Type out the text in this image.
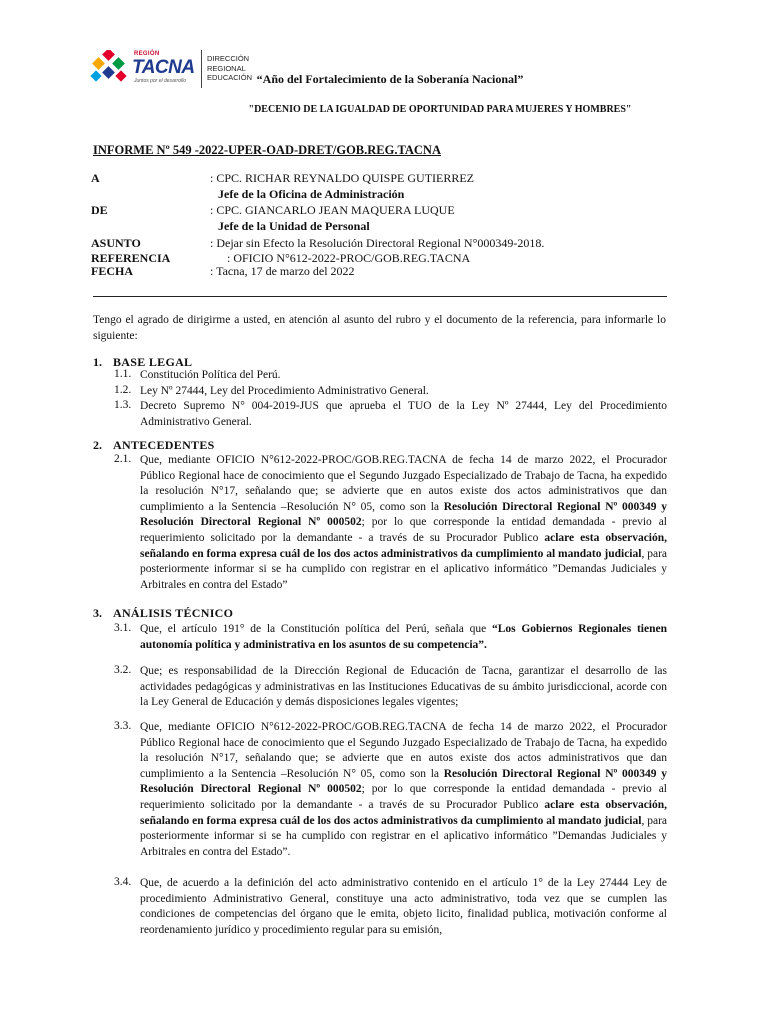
REGIÓN
TACNA
Juntos por el desarrollo
DIRECCIÓN
REGIONAL
EDUCACIÓN “Año del Fortalecimiento de la Soberanía Nacional”
"DECENIO DE LA IGUALDAD DE OPORTUNIDAD PARA MUJERES Y HOMBRES"
INFORME Nº 549 -2022-UPER-OAD-DRET/GOB.REG.TACNA
A	: CPC. RICHAR REYNALDO QUISPE GUTIERREZ
Jefe de la Oficina de Administración
DE	: CPC. GIANCARLO JEAN MAQUERA LUQUE
Jefe de la Unidad de Personal
ASUNTO	: Dejar sin Efecto la Resolución Directoral Regional N°000349-2018.
REFERENCIA	: OFICIO N°612-2022-PROC/GOB.REG.TACNA
FECHA	: Tacna, 17 de marzo del 2022
Tengo el agrado de dirigirme a usted, en atención al asunto del rubro y el documento de la referencia, para informarle lo siguiente:
1. BASE LEGAL
1.1. Constitución Política del Perú.
1.2. Ley Nº 27444, Ley del Procedimiento Administrativo General.
1.3. Decreto Supremo N° 004-2019-JUS que aprueba el TUO de la Ley Nº 27444, Ley del Procedimiento Administrativo General.
2. ANTECEDENTES
2.1. Que, mediante OFICIO N°612-2022-PROC/GOB.REG.TACNA de fecha 14 de marzo 2022, el Procurador Público Regional hace de conocimiento que el Segundo Juzgado Especializado de Trabajo de Tacna, ha expedido la resolución N°17, señalando que; se advierte que en autos existe dos actos administrativos que dan cumplimiento a la Sentencia –Resolución N° 05, como son la Resolución Directoral Regional Nº 000349 y Resolución Directoral Regional Nº 000502; por lo que corresponde la entidad demandada - previo al requerimiento solicitado por la demandante - a través de su Procurador Publico aclare esta observación, señalando en forma expresa cuál de los dos actos administrativos da cumplimiento al mandato judicial, para posteriormente informar si se ha cumplido con registrar en el aplicativo informático ”Demandas Judiciales y Arbitrales en contra del Estado”
3. ANÁLISIS TÉCNICO
3.1. Que, el artículo 191° de la Constitución política del Perú, señala que “Los Gobiernos Regionales tienen autonomía política y administrativa en los asuntos de su competencia”.
3.2. Que; es responsabilidad de la Dirección Regional de Educación de Tacna, garantizar el desarrollo de las actividades pedagógicas y administrativas en las Instituciones Educativas de su ámbito jurisdiccional, acorde con la Ley General de Educación y demás disposiciones legales vigentes;
3.3. Que, mediante OFICIO N°612-2022-PROC/GOB.REG.TACNA de fecha 14 de marzo 2022, el Procurador Público Regional hace de conocimiento que el Segundo Juzgado Especializado de Trabajo de Tacna, ha expedido la resolución N°17, señalando que; se advierte que en autos existe dos actos administrativos que dan cumplimiento a la Sentencia –Resolución N° 05, como son la Resolución Directoral Regional Nº 000349 y Resolución Directoral Regional Nº 000502; por lo que corresponde la entidad demandada - previo al requerimiento solicitado por la demandante - a través de su Procurador Publico aclare esta observación, señalando en forma expresa cuál de los dos actos administrativos da cumplimiento al mandato judicial, para posteriormente informar si se ha cumplido con registrar en el aplicativo informático ”Demandas Judiciales y Arbitrales en contra del Estado”.
3.4. Que, de acuerdo a la definición del acto administrativo contenido en el artículo 1° de la Ley 27444 Ley de procedimiento Administrativo General, constituye una acto administrativo, toda vez que se cumplen las condiciones de competencias del órgano que le emita, objeto licito, finalidad publica, motivación conforme al reordenamiento jurídico y procedimiento regular para su emisión,
